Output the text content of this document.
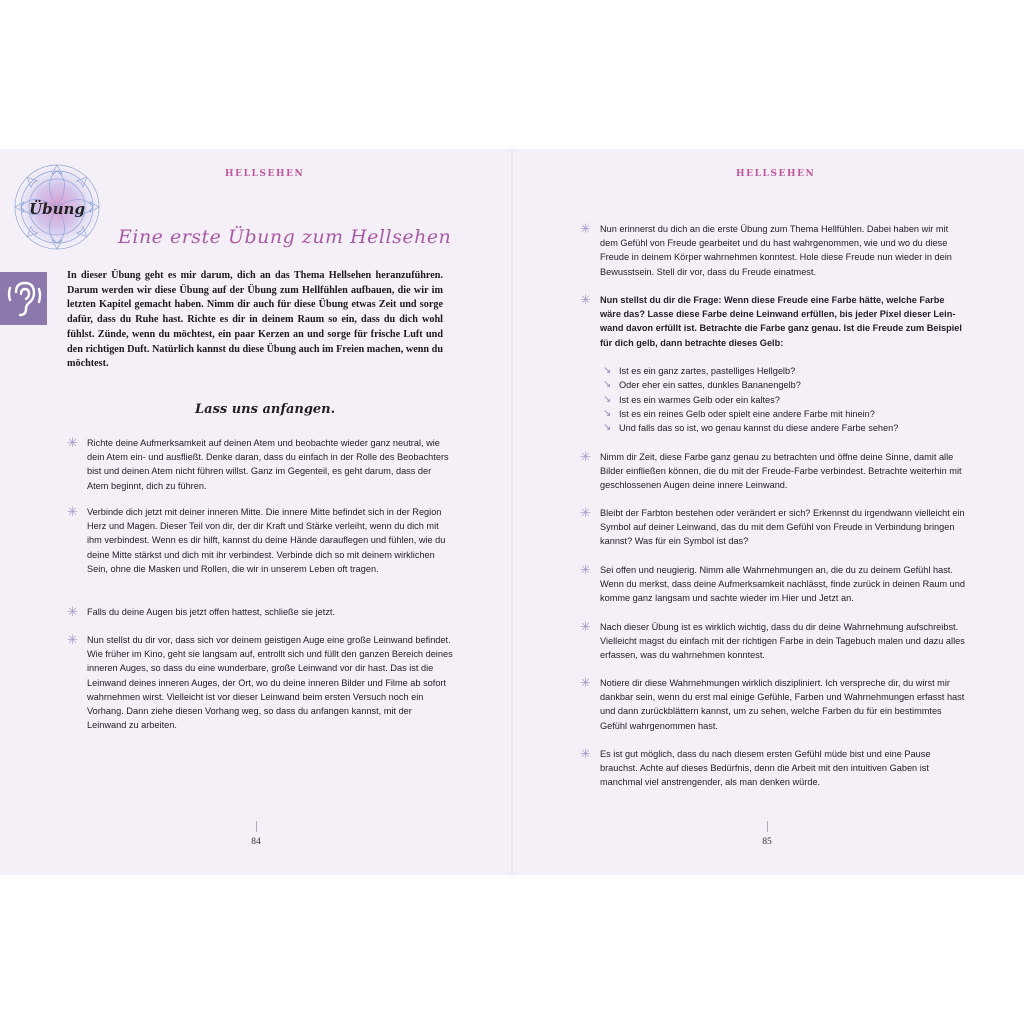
HELLSEHEN
Übung
Eine erste Übung zum Hellsehen

In dieser Übung geht es mir darum, dich an das Thema Hellsehen heranzuführen. Darum werden wir diese Übung auf der Übung zum Hellfühlen aufbauen, die wir im letzten Kapitel gemacht haben. Nimm dir auch für diese Übung etwas Zeit und sorge dafür, dass du Ruhe hast. Richte es dir in deinem Raum so ein, dass du dich wohl fühlst. Zünde, wenn du möchtest, ein paar Kerzen an und sorge für frische Luft und den richtigen Duft. Natürlich kannst du diese Übung auch im Freien machen, wenn du möchtest.

Lass uns anfangen.
✳ Richte deine Aufmerksamkeit auf deinen Atem und beobachte wieder ganz neutral, wie dein Atem ein- und ausfließt. Denke daran, dass du einfach in der Rolle des Beobachters bist und deinen Atem nicht führen willst. Ganz im Gegenteil, es geht darum, dass der Atem beginnt, dich zu führen.

✳ Verbinde dich jetzt mit deiner inneren Mitte. Die innere Mitte befindet sich in der Region Herz und Magen. Dieser Teil von dir, der dir Kraft und Stärke verleiht, wenn du dich mit ihm verbindest. Wenn es dir hilft, kannst du deine Hände darauflegen und fühlen, wie du deine Mitte stärkst und dich mit ihr verbindest. Verbinde dich so mit deinem wirklichen Sein, ohne die Masken und Rollen, die wir in unserem Leben oft tragen.

✳ Falls du deine Augen bis jetzt offen hattest, schließe sie jetzt.

✳ Nun stellst du dir vor, dass sich vor deinem geistigen Auge eine große Leinwand befindet. Wie früher im Kino, geht sie langsam auf, entrollt sich und füllt den ganzen Bereich deines inneren Auges, so dass du eine wunderbare, große Leinwand vor dir hast. Das ist die Leinwand deines inneren Auges, der Ort, wo du deine inneren Bilder und Filme ab sofort wahrnehmen wirst. Vielleicht ist vor dieser Leinwand beim ersten Versuch noch ein Vorhang. Dann ziehe diesen Vorhang weg, so dass du anfangen kannst, mit der Leinwand zu arbeiten.

84
HELLSEHEN
✳ Nun erinnerst du dich an die erste Übung zum Thema Hellfühlen. Dabei haben wir mit dem Gefühl von Freude gearbeitet und du hast wahrgenommen, wie und wo du diese Freude in deinem Körper wahrnehmen konntest. Hole diese Freude nun wieder in dein Bewusstsein. Stell dir vor, dass du Freude einatmest.

✳ Nun stellst du dir die Frage: Wenn diese Freude eine Farbe hätte, welche Farbe wäre das? Lasse diese Farbe deine Leinwand erfüllen, bis jeder Pixel dieser Leinwand davon erfüllt ist. Betrachte die Farbe ganz genau. Ist die Freude zum Beispiel für dich gelb, dann betrachte dieses Gelb:

↘ Ist es ein ganz zartes, pastelliges Hellgelb?
↘ Oder eher ein sattes, dunkles Bananengelb?
↘ Ist es ein warmes Gelb oder ein kaltes?
↘ Ist es ein reines Gelb oder spielt eine andere Farbe mit hinein?
↘ Und falls das so ist, wo genau kannst du diese andere Farbe sehen?
✳ Nimm dir Zeit, diese Farbe ganz genau zu betrachten und öffne deine Sinne, damit alle Bilder einfließen können, die du mit der Freude-Farbe verbindest. Betrachte weiterhin mit geschlossenen Augen deine innere Leinwand.

✳ Bleibt der Farbton bestehen oder verändert er sich? Erkennst du irgendwann vielleicht ein Symbol auf deiner Leinwand, das du mit dem Gefühl von Freude in Verbindung bringen kannst? Was für ein Symbol ist das?

✳ Sei offen und neugierig. Nimm alle Wahrnehmungen an, die du zu deinem Gefühl hast. Wenn du merkst, dass deine Aufmerksamkeit nachlässt, finde zurück in deinen Raum und komme ganz langsam und sachte wieder im Hier und Jetzt an.

✳ Nach dieser Übung ist es wirklich wichtig, dass du dir deine Wahrnehmung aufschreibst. Vielleicht magst du einfach mit der richtigen Farbe in dein Tagebuch malen und dazu alles erfassen, was du wahrnehmen konntest.

✳ Notiere dir diese Wahrnehmungen wirklich diszipliniert. Ich verspreche dir, du wirst mir dankbar sein, wenn du erst mal einige Gefühle, Farben und Wahrnehmungen erfasst hast und dann zurückblättern kannst, um zu sehen, welche Farben du für ein bestimmtes Gefühl wahrgenommen hast.

✳ Es ist gut möglich, dass du nach diesem ersten Gefühl müde bist und eine Pause brauchst. Achte auf dieses Bedürfnis, denn die Arbeit mit den intuitiven Gaben ist manchmal viel anstrengender, als man denken würde.

85
